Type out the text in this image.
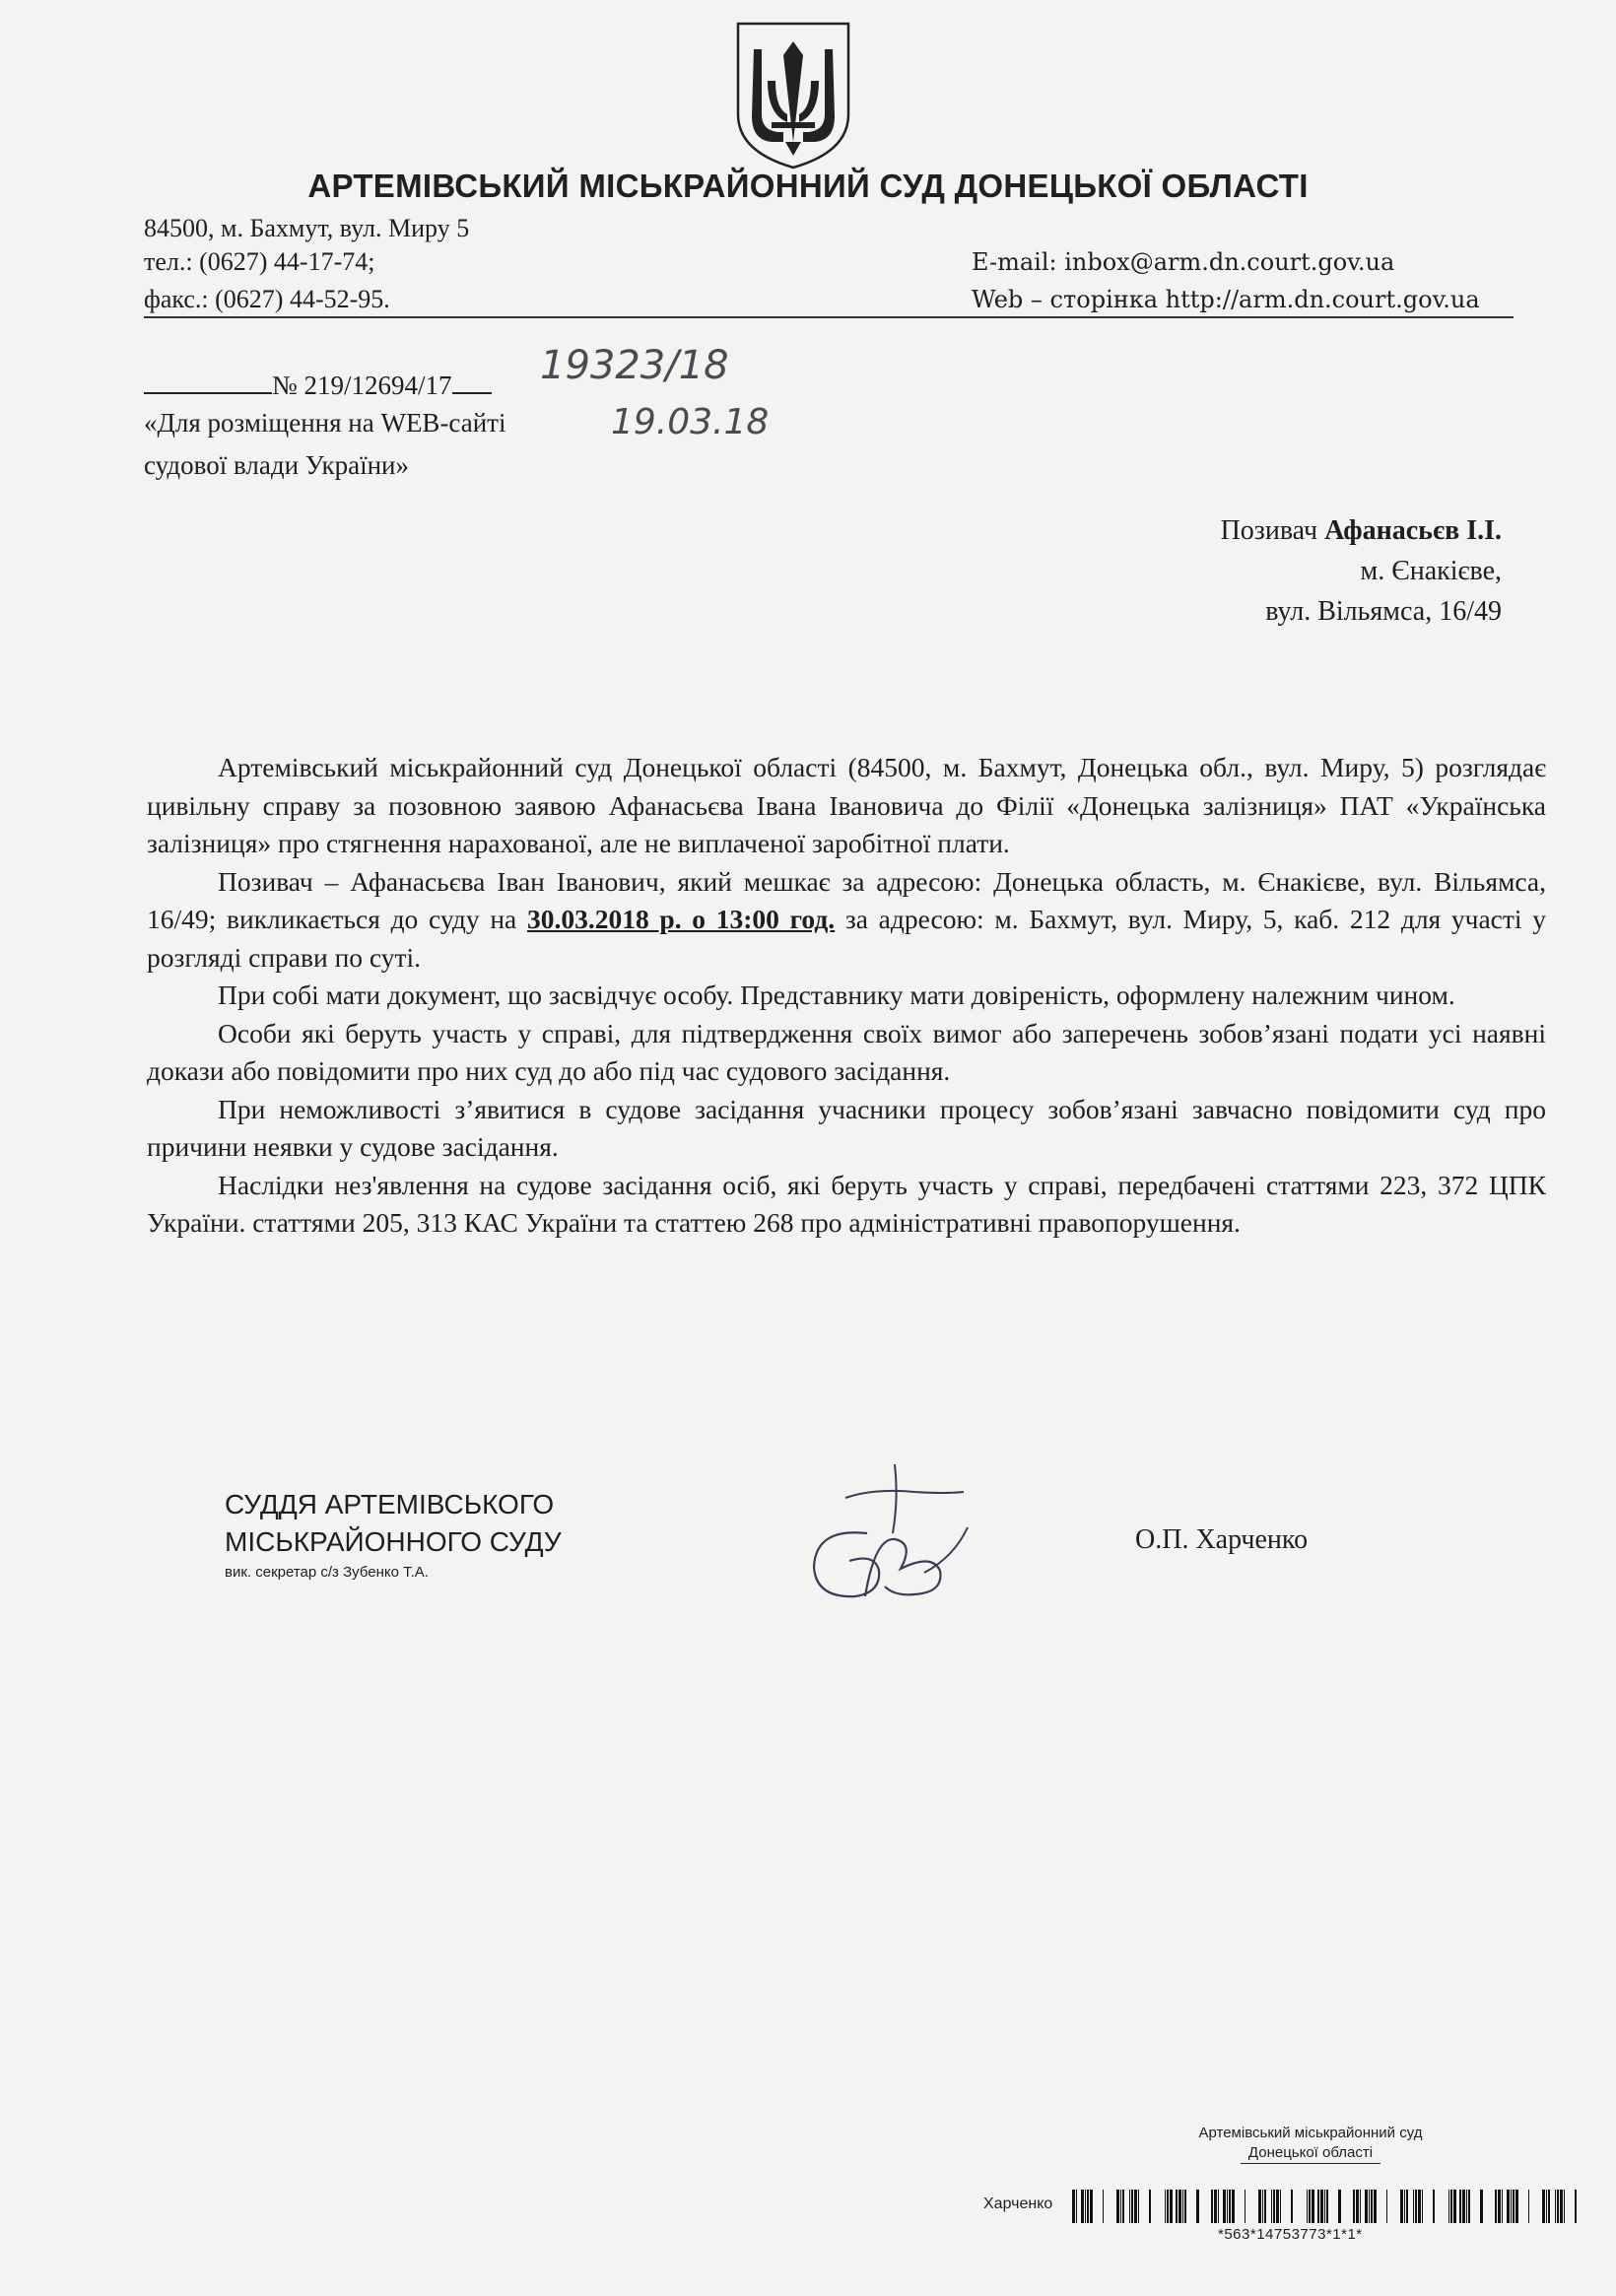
АРТЕМІВСЬКИЙ МІСЬКРАЙОННИЙ СУД ДОНЕЦЬКОЇ ОБЛАСТІ
84500, м. Бахмут, вул. Миру 5
тел.: (0627) 44-17-74;
факс.: (0627) 44-52-95.
E-mail: inbox@arm.dn.court.gov.ua
Web – сторінка http://arm.dn.court.gov.ua
№ 219/12694/17	19323/18
19.03.18
«Для розміщення на WEB-сайті
судової влади України»
Позивач Афанасьєв І.І.
м. Єнакієве,
вул. Вільямса, 16/49

Артемівський міськрайонний суд Донецької області (84500, м. Бахмут, Донецька обл., вул. Миру, 5) розглядає цивільну справу за позовною заявою Афанасьєва Івана Івановича до Філії «Донецька залізниця» ПАТ «Українська залізниця» про стягнення нарахованої, але не виплаченої заробітної плати.

Позивач – Афанасьєва Іван Іванович, який мешкає за адресою: Донецька область, м. Єнакієве, вул. Вільямса, 16/49; викликається до суду на 30.03.2018 р. о 13:00 год. за адресою: м. Бахмут, вул. Миру, 5, каб. 212 для участі у розгляді справи по суті.

При собі мати документ, що засвідчує особу. Представнику мати довіреність, оформлену належним чином.

Особи які беруть участь у справі, для підтвердження своїх вимог або заперечень зобов’язані подати усі наявні докази або повідомити про них суд до або під час судового засідання.

При неможливості з’явитися в судове засідання учасники процесу зобов’язані завчасно повідомити суд про причини неявки у судове засідання.

Наслідки нез'явлення на судове засідання осіб, які беруть участь у справі, передбачені статтями 223, 372 ЦПК України. статтями 205, 313 КАС України та статтею 268 про адміністративні правопорушення.

СУДДЯ АРТЕМІВСЬКОГО
МІСЬКРАЙОННОГО СУДУ
вик. секретар с/з Зубенко Т.А.
О.П. Харченко
Артемівський міськрайонний суд
Донецької області
Харченко
*563*14753773*1*1*
